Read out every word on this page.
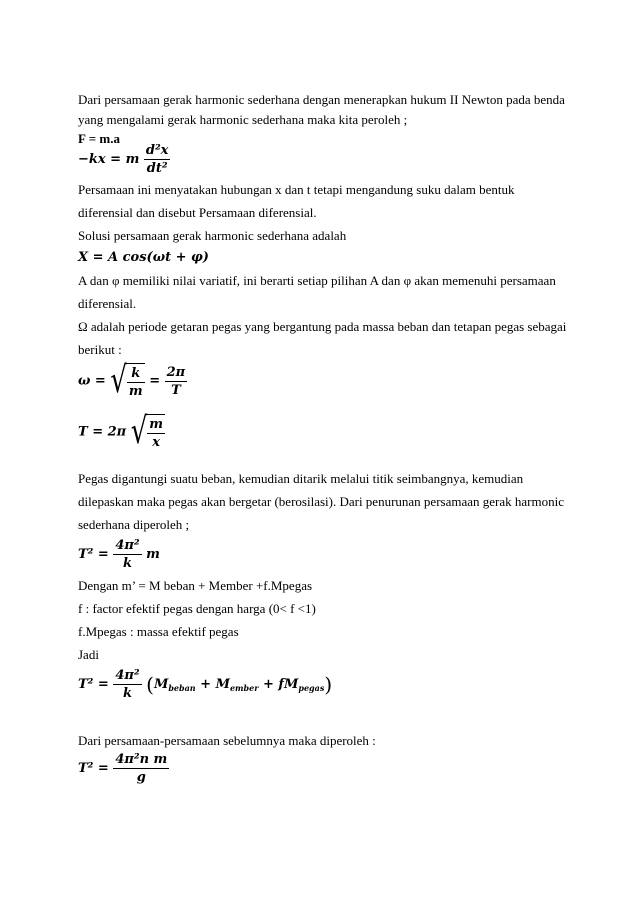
Dari persamaan gerak harmonic sederhana dengan menerapkan hukum II Newton pada benda
yang mengalami gerak harmonic sederhana maka kita peroleh ;
F = m.a
−kx = m $\frac{\text{d²x}}{\text{dt²}}$
Persamaan ini menyatakan hubungan x dan t tetapi mengandung suku dalam bentuk
diferensial dan disebut Persamaan diferensial.
Solusi persamaan gerak harmonic sederhana adalah
X = A cos(ωt + φ)
A dan φ memiliki nilai variatif, ini berarti setiap pilihan A dan φ akan memenuhi persamaan
diferensial.
Ω adalah periode getaran pegas yang bergantung pada massa beban dan tetapan pegas sebagai
berikut :
ω = √ $\frac{k}{m} = \frac{2\pi}{T}$
T = 2π √ $\frac{m}{x}$
Pegas digantungi suatu beban, kemudian ditarik melalui titik seimbangnya, kemudian
dilepaskan maka pegas akan bergetar (berosilasi). Dari penurunan persamaan gerak harmonic
sederhana diperoleh ;
$T^2 = \frac{\text{4π²}}{k}$ m
Dengan m’ = M beban + Member +f.Mpegas
f : factor efektif pegas dengan harga (0< f <1)
f.Mpegas : massa efektif pegas
Jadi
$T^2 = \frac{\text{4π²}}{k} (M_{beban} + M_{ember} + fM_{pegas})$
Dari persamaan-persamaan sebelumnya maka diperoleh :
$T^2 = \frac{\text{4π²n m}}{g}$
